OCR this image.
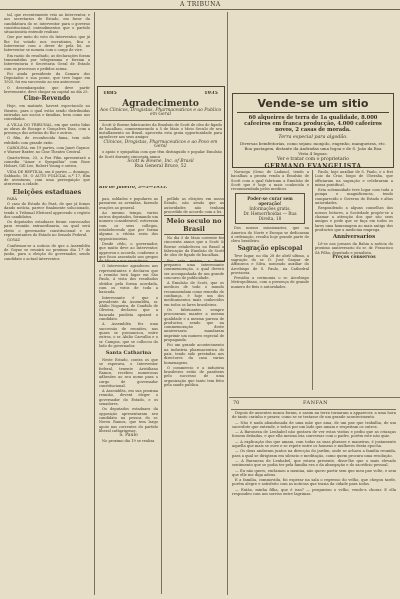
A TRIBUNA

tal, que recentemente veio ao Interventor, e aos secretarios de Estado, em favor da candidatura do sr. interventor para o governo constitucional; entendimentos que o partido situacionista entende realizar.

Que por meio do voto do Interventor, que já lhe foi votado nos escrutinios, fica o Interventor com o dever de pela lei, ao Interventor se nomeia com o cargo de vice.

Em razão do resultado, as declarações foram transmitidas por telegramma e forram a Interventoria e Secretaria Geral de Estado com os processos e pedidos acima.

Foi ainda presidente da Camara dos Deputados e sua posse, que teve lugar em 1925, foi em successão ao seu antecessor.

O desembargador, que deve partir brevemente, deve chegar na capital no dia 25.

Cine-Revendo

Hoje, em matinée, haverá espectaculo no theatro, para o qual estão sendo distribuidas entradas aos socios e familias, bem como aos convidados.

A VILLA DO TRIBUNAL, em que serão lidas as obras de Bocage e Gonçalves Dias, com a presença dos artistas do Rio e outros.

O film, de reconhecida fama, tem sido exhibido com grande exito.

CAROLINA, em 19 partes, com Janet Gaynor, e Warner Baxter, no Cine Theatro Central.

Quarta-feira, 25, a Fox Film apresentará a comedia "Amor e Sympathia" com Rose Hobart, Gill Lee, Robert Young e outros.

VIDA DE REPTILIA, em 6 partes — domingo, Sabbado, 18. O AUTO POLICIAL n.º 17, film de aventuras, com uma perseguição que atravessa a cidade.

Eleições estaduaes

PARÁ

O caso do Estado do Pará, de que já fomos dando notícia, parece finalmente solucionado, tendo o Tribunal Eleitoral approvado o registo dos candidatos.

Os deputados estaduaes foram convocados para reunião extraordinaria, na qual será eleito o governador constitucional e os representantes do Estado no Senado Federal.

GOYAZ

Confirmou-se a noticia de que a Assembléa de Goyaz se reunirá no proximo dia 1.º de junho, para a eleição do governador, sendo candidato o actual interventor.

1885	1935

Agradecimento

Aos Clinicos, Drogistas, Pharmaceuticos e ao Publico em Geral

Scott & Bowne fabricantes da Emulsão de Scott de oleo de figado de bacalhau, commemorando a 5 de Maio o Meio Seculo de seu installamento no Brasil, aproveita esta grata opportunidade para agradecer aos seus amigos

Clinicos, Drogistas, Pharmaceuticos e ao Povo em Geral

o apoio e sympathia com que têm distinguido e popular Emulsão de Scott durante cincoenta annos

Scott & Bowne, Inc. of Brasil

Rua General Bruce, 52

Rio de Janeiro, 3—5—1935.

pan, soldados e populares ao passarem as avenidas, fazendo ovações ao general.

Ao mesmo tempo, varios outros deputados, formando um numero consideravel, estiveram com os seus collegas, estabelecendo que por forma alguma a vitória seria dos opposicionistas.

Desde cêdo, o governador, que muito deve ao Interventor, approvou o accordo, conforme o que ficou assentado nos grupos de Minas e nos escrutinios.

O Interventor agradeceu aos representantes e declarou que a reunião terá lugar em São Paulo, á vista dos resultados obtidos pela forma acordada, com os votos de toda a bancada.

Interessante é que o presidente da Assembléa, sr. Abilio Nogueira, de Candido de Oliveira, declarou que a bancada paulista apoiará o candidato.

A Assembléa fez uma successão de reuniões, nas quaes se pronunciou, entre outros, o sr. Abilio Carvalho e o sr. Campos, que se collocou do lado do governador.

Santa Catharina

Neste Estado, contra os que se esperava, o Interventor federal, tenente Aristiliano Ramos, recebeu numerosas adhesões ao seu nome para o cargo de governador constitucional.

A Assembléa, em sua proxima reunião, deverá eleger o governador do Estado, e os senadores.

Os deputados estaduaes da opposição apresentaram seu candidato na pessoa do sr. Nereu Ramos, que tem largo apoio nas correntes do partido liberal catharinense.

S. Paulo

No proximo dia 19 se realiza

pellido as eleições em nosso Estado, não sendo que as autoridades não tenham procedido de accordo com a lei.

Meio seculo no Brasil

No dia 5 de Maio corrente fez cincoenta annos que a Scott & Bowne estabeleceu no Brasil a fabricação da Emulsão de Scott de oleo de figado de bacalhau.

Por este motivo, a firma preparou uma interessante commemoração, a qual deverá ser acompanhada de um grande concurso de publicidade.

A Emulsão de Scott, que os medicos de todo o mundo recommendam como remedio de confiança, é hoje um dos medicamentos mais conhecidos em todos os lares brasileiros.

Os fabricantes sempre procuraram manter a mesma qualidade e a mesma pureza de productos, sendo que na commemoração deste anniversario mandaram imprimir um numero especial de propaganda.

Foi um grande acontecimento na industria pharmaceutica do paiz, tendo sido prestadas aos directores da casa varias homenagens.

O commercio e a industria brasileiros estão de parabens pelo successo de uma organização que tanto tem feito pela saude publica.

Vende-se um sitio
60 alqueires de terra de 1a qualidade, 8.000 cafeeiros em franca producção, 4.000 cafeeiros novos, 2 casas de morada.
Terra especial para algodão.
Diversas bemfeitorias, como sejam: monjolo, engenho, mangueiras, etc. Boa pastagem, distante da Andradas uma legoa e de S. João da Boa Vista 4 legoas.
Ver e tratar com o proprietario
GERMANO EVANGELISTA

Noruega (Orno de Ladano), tendo a bacalhau a pronta venda a Emulsão de Scott com a qual fabricam a Emulsão de Scott que é hoje a mais conhecida e recommendada pelos medicos.

Poder-se curar sem operação!
Informações gratis.
Dr. Hemorrhoidas — Rua Direita, 18

Dos nossos missionarios, que na America do Norte e Europa se dedicaram á ordenação, resulta hoje grande parte do clero brasileiro.

Sagração episcopal

Teve lugar, no dia 28 de abril ultimo, a sagração do sr. D. José Gaspar de Affonseca e Silva, nomeado auxiliar do Arcebispo de S. Paulo, na Cathedral provisoria.

Presidiu a cerimonia o sr. Arcebispo Metropolitano, com a presença de grande numero de fieis e autoridades.

Paulo, hoje auxiliar de S. Paulo, e o frei Luiz da Cruz, bispo de Uberaba, que officiaram na sagração e celebraram a missa pontifical.

Esta solemnidade teve logar com toda a pompa e magnificencia, tendo comparecido o Governo do Estado e altas autoridades.

Respondendo a alguns conselhos dos nossos leitores, a Sociedade propõe-se a chamar a attenção dos que são seus amigos e pede que se faça em todos os lares uma homenagem ao mais antigo dos productos que a medicina emprega.

Anniversarios

Lê-se nos jornaes da Bahia a noticia do proximo anniversario do sr. dr. Francisco Sá Filho, deputado e jornalista.

Preços conservos

70	FANFAN

Depois de ausentes nunca foram, e assim na terra tornaram a apparecer, a uma hora de tanto carinho e prazer, como se se tratasse de um grande acontecimento.

— Não é nada abandonada de uma mãe que ama, de um pae que trabalha, de um sacerdote que entende, e todos por um lado que amam e respeitam os outros.

— A Baroneza de Lenhabel não gostava de ver estas visitas e pediu que as crianças fossem deitadas, e que ella mesmo iria conversar com o padre, porém este não quiz.

— A explicação dos que amam, com todas as suas phrases e maneiras, é justamente aquella que mais se ouve e se repete entre os homens e mulheres desta epocha.

— Os dous andavam juntos na direcção do jardim, onde se achava a familia reunida, para a qual se dirigiram em silencio e meditação, como quem procura uma resolução.

— A Baroneza de Lenhabel, que estava presente, disse-lhe que o mais elevado sentimento que se podia ter pela familia era o da abnegação e do sacrificio pessoal.

— Eu não quero, exclamou a menina, não quero partir sem que meu pae volte, e sem que elle me diga adeus.

E a familia, commovida, foi esperar na sala o regresso do velho, que chegou tarde, porém alegre e satisfeito com as noticias que trazia da cidade para todos.

— Então, minha filha, que é isso? — perguntou o velho, vendo-a chorar. E ella respondeu com um sorriso entre lagrimas.
